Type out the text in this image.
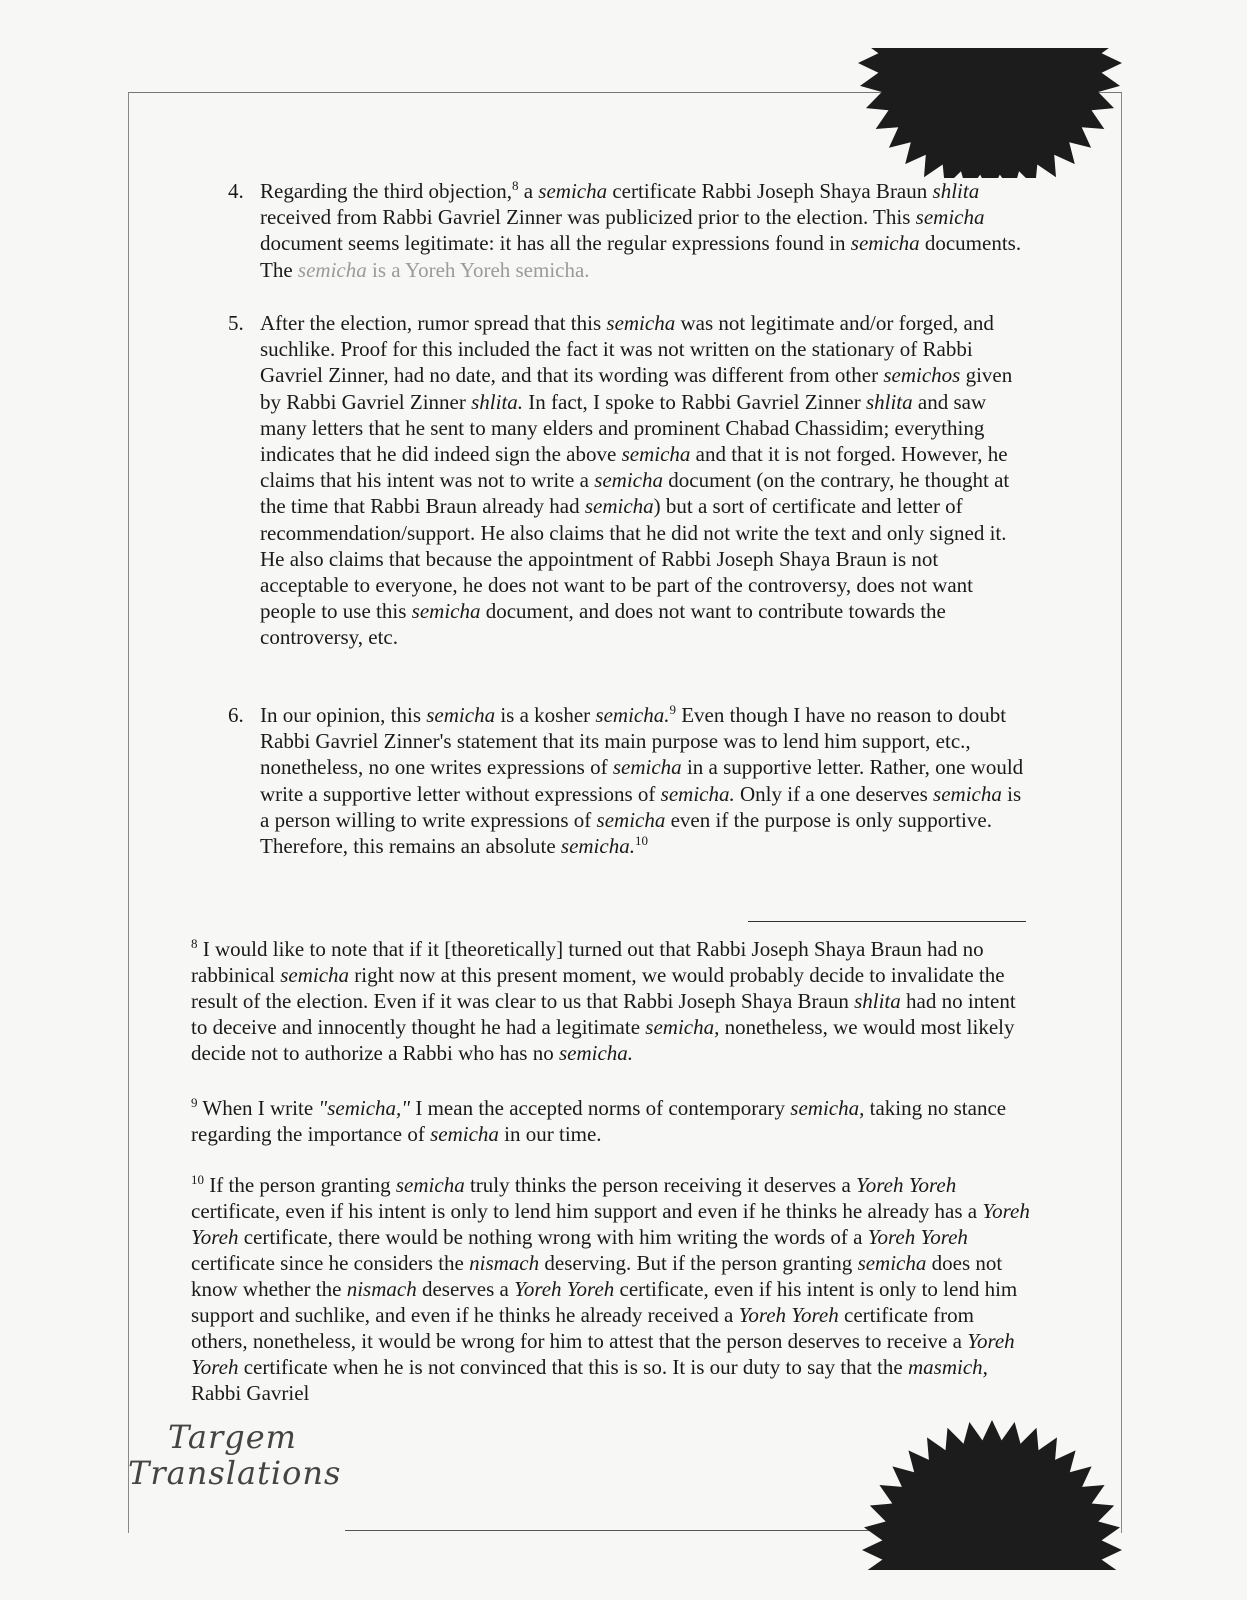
4. Regarding the third objection,$^8$ a semicha certificate Rabbi Joseph Shaya Braun shlita received from Rabbi Gavriel Zinner was publicized prior to the election. This semicha document seems legitimate: it has all the regular expressions found in semicha documents. The semicha is a Yoreh Yoreh semicha.
5. After the election, rumor spread that this semicha was not legitimate and/or forged, and suchlike. Proof for this included the fact it was not written on the stationary of Rabbi Gavriel Zinner, had no date, and that its wording was different from other semichos given by Rabbi Gavriel Zinner shlita. In fact, I spoke to Rabbi Gavriel Zinner shlita and saw many letters that he sent to many elders and prominent Chabad Chassidim; everything indicates that he did indeed sign the above semicha and that it is not forged. However, he claims that his intent was not to write a semicha document (on the contrary, he thought at the time that Rabbi Braun already had semicha) but a sort of certificate and letter of recommendation/support. He also claims that he did not write the text and only signed it. He also claims that because the appointment of Rabbi Joseph Shaya Braun is not acceptable to everyone, he does not want to be part of the controversy, does not want people to use this semicha document, and does not want to contribute towards the controversy, etc.
6. In our opinion, this semicha is a kosher semicha.$^9$ Even though I have no reason to doubt Rabbi Gavriel Zinner's statement that its main purpose was to lend him support, etc., nonetheless, no one writes expressions of semicha in a supportive letter. Rather, one would write a supportive letter without expressions of semicha. Only if a one deserves semicha is a person willing to write expressions of semicha even if the purpose is only supportive. Therefore, this remains an absolute semicha.$^{10}$
$^8$ I would like to note that if it [theoretically] turned out that Rabbi Joseph Shaya Braun had no rabbinical semicha right now at this present moment, we would probably decide to invalidate the result of the election. Even if it was clear to us that Rabbi Joseph Shaya Braun shlita had no intent to deceive and innocently thought he had a legitimate semicha, nonetheless, we would most likely decide not to authorize a Rabbi who has no semicha.
$^9$ When I write "semicha," I mean the accepted norms of contemporary semicha, taking no stance regarding the importance of semicha in our time.
$^{10}$ If the person granting semicha truly thinks the person receiving it deserves a Yoreh Yoreh certificate, even if his intent is only to lend him support and even if he thinks he already has a Yoreh Yoreh certificate, there would be nothing wrong with him writing the words of a Yoreh Yoreh certificate since he considers the nismach deserving. But if the person granting semicha does not know whether the nismach deserves a Yoreh Yoreh certificate, even if his intent is only to lend him support and suchlike, and even if he thinks he already received a Yoreh Yoreh certificate from others, nonetheless, it would be wrong for him to attest that the person deserves to receive a Yoreh Yoreh certificate when he is not convinced that this is so. It is our duty to say that the masmich, Rabbi Gavriel
Targem
Translations
